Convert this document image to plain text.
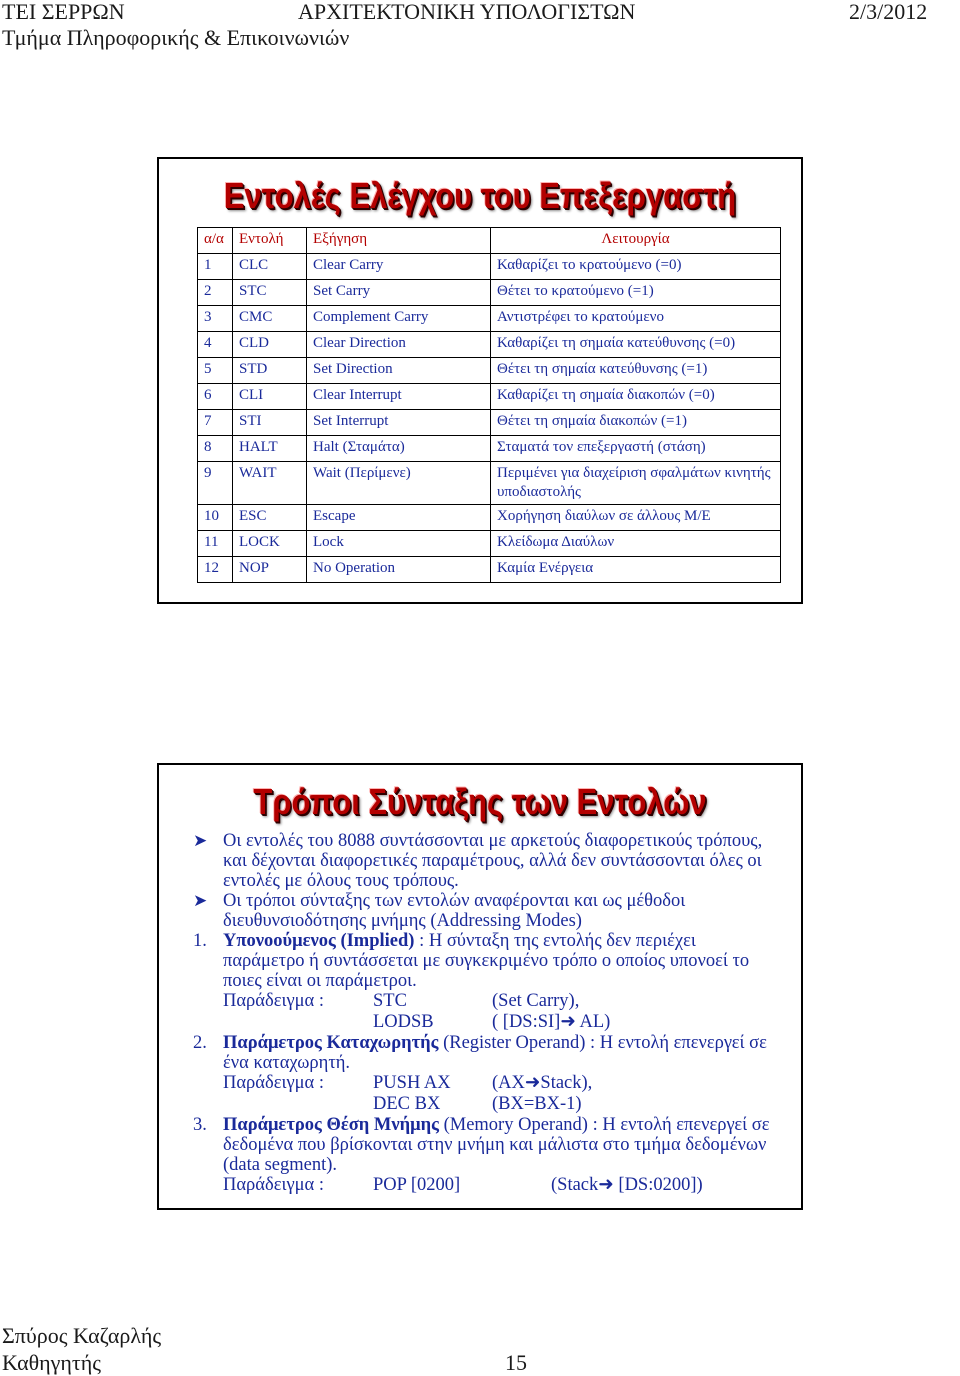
ΤΕΙ ΣΕΡΡΩΝ	ΑΡΧΙΤΕΚΤΟΝΙΚΗ ΥΠΟΛΟΓΙΣΤΩΝ	2/3/2012
Τμήμα Πληροφορικής & Επικοινωνιών
Εντολές Ελέγχου του Επεξεργαστή
α/α	Εντολή	Εξήγηση	Λειτουργία
1	CLC	Clear Carry	Καθαρίζει το κρατούμενο (=0)
2	STC	Set Carry	Θέτει το κρατούμενο (=1)
3	CMC	Complement Carry	Αντιστρέφει το κρατούμενο
4	CLD	Clear Direction	Καθαρίζει τη σημαία κατεύθυνσης (=0)
5	STD	Set Direction	Θέτει τη σημαία κατεύθυνσης (=1)
6	CLI	Clear Interrupt	Καθαρίζει τη σημαία διακοπών (=0)
7	STI	Set Interrupt	Θέτει τη σημαία διακοπών (=1)
8	HALT	Halt (Σταμάτα)	Σταματά τον επεξεργαστή (στάση)
9	WAIT	Wait (Περίμενε)	Περιμένει για διαχείριση σφαλμάτων κινητής υποδιαστολής
10	ESC	Escape	Χορήγηση διαύλων σε άλλους Μ/Ε
11	LOCK	Lock	Κλείδωμα Διαύλων
12	NOP	No Operation	Καμία Ενέργεια
Τρόποι Σύνταξης των Εντολών

➤ Οι εντολές του 8088 συντάσσονται με αρκετούς διαφορετικούς τρόπους, και δέχονται διαφορετικές παραμέτρους, αλλά δεν συντάσσονται όλες οι εντολές με όλους τους τρόπους.

➤ Οι τρόποι σύνταξης των εντολών αναφέρονται και ως μέθοδοι διευθυνσιοδότησης μνήμης (Addressing Modes)

1. Υπονοούμενος (Implied) : Η σύνταξη της εντολής δεν περιέχει παράμετρο ή συντάσσεται με συγκεκριμένο τρόπο ο οποίος υπονοεί το ποιες είναι οι παράμετροι.

Παράδειγμα :	STC	(Set Carry),
LODSB	( [DS:SI]➜ AL)

2. Παράμετρος Καταχωρητής (Register Operand) : Η εντολή επενεργεί σε ένα καταχωρητή.

Παράδειγμα :	PUSH AX (AX➜Stack),
DEC BX	(BX=BX-1)

3. Παράμετρος Θέση Μνήμης (Memory Operand) : Η εντολή επενεργεί σε δεδομένα που βρίσκονται στην μνήμη και μάλιστα στο τμήμα δεδομένων (data segment).

Παράδειγμα :	POP [0200]	(Stack➜ [DS:0200])
Σπύρος Καζαρλής
Καθηγητής	15
